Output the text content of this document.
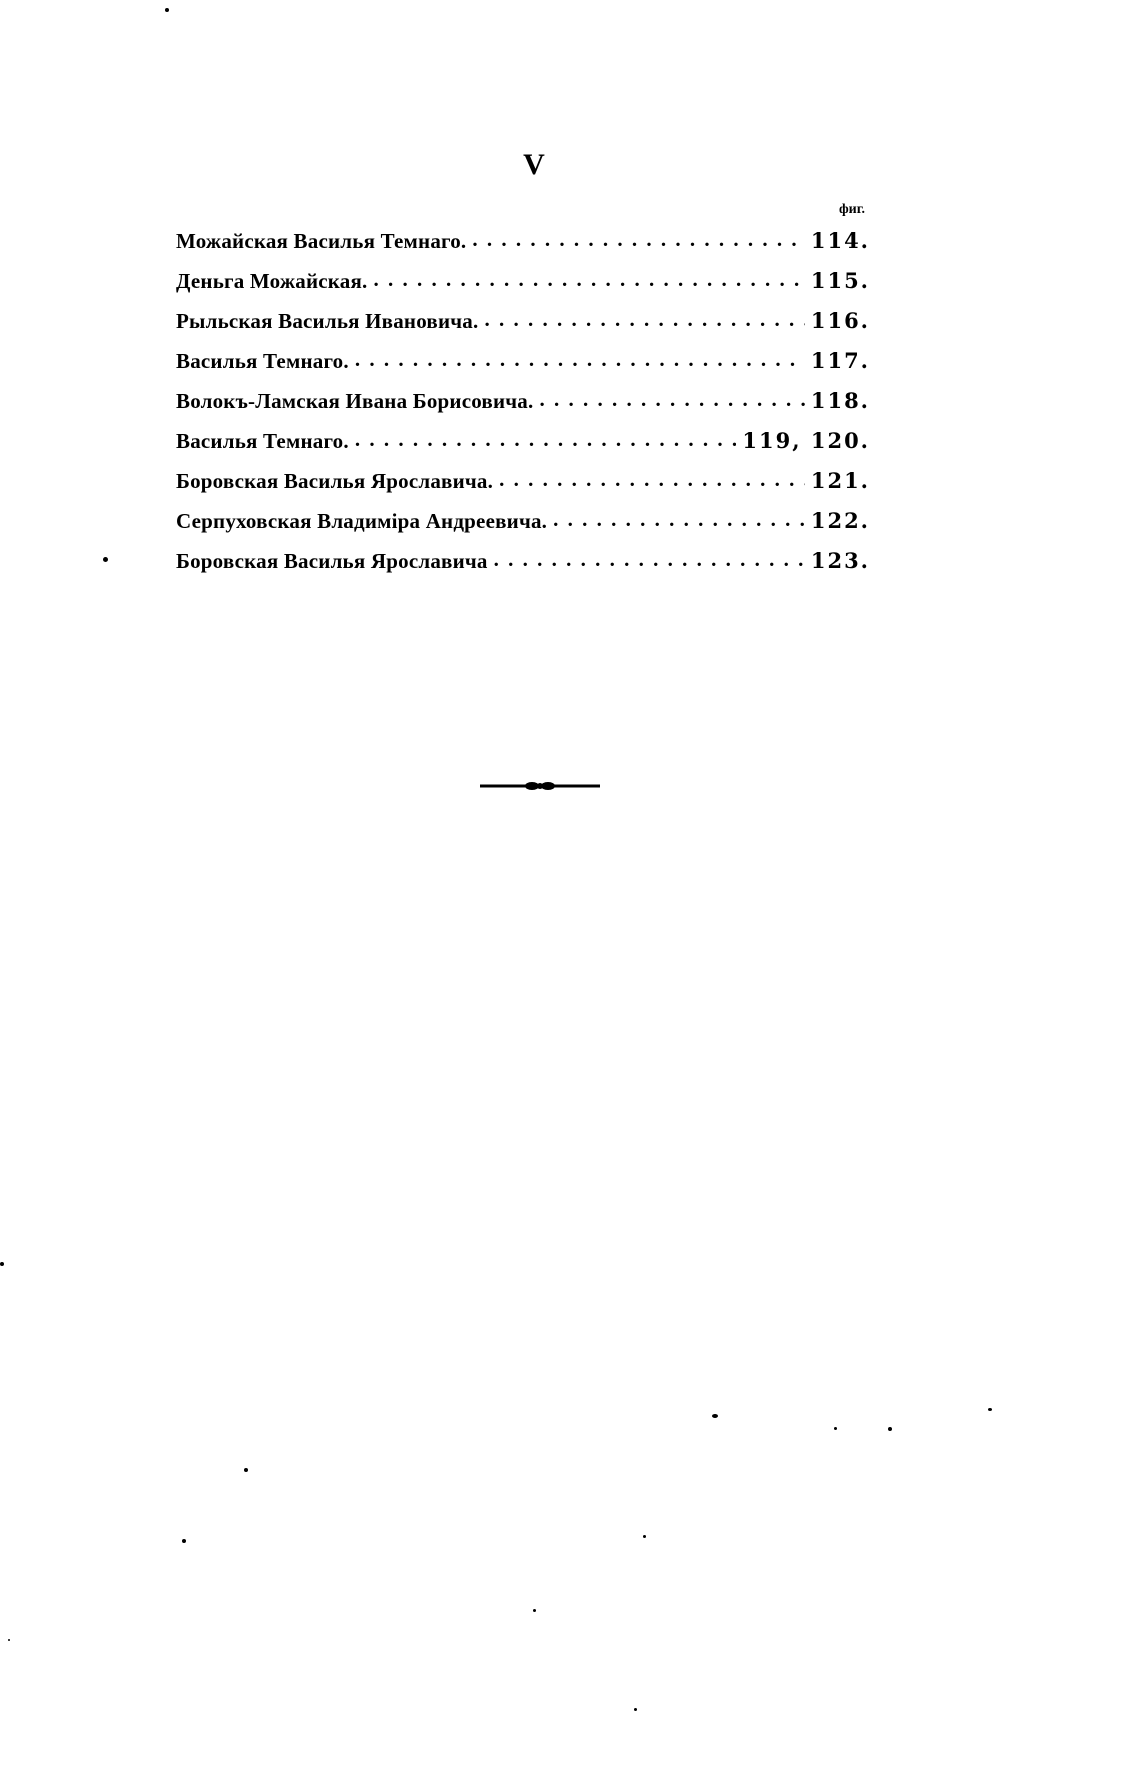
V
фиг.
Можайская Василья Темнаго. . . .	114.
Деньга Можайская. . . .	115.
Рыльская Василья Ивановича. . . .	116.
Василья Темнаго. . . .	117.
Волокъ-Ламская Ивана Борисовича. . . .	118.
Василья Темнаго. . . .	119, 120.
Боровская Василья Ярославича. . . .	121.
Серпуховская Владиміра Андреевича. . . .	122.
Боровская Василья Ярославича . . .	123.
